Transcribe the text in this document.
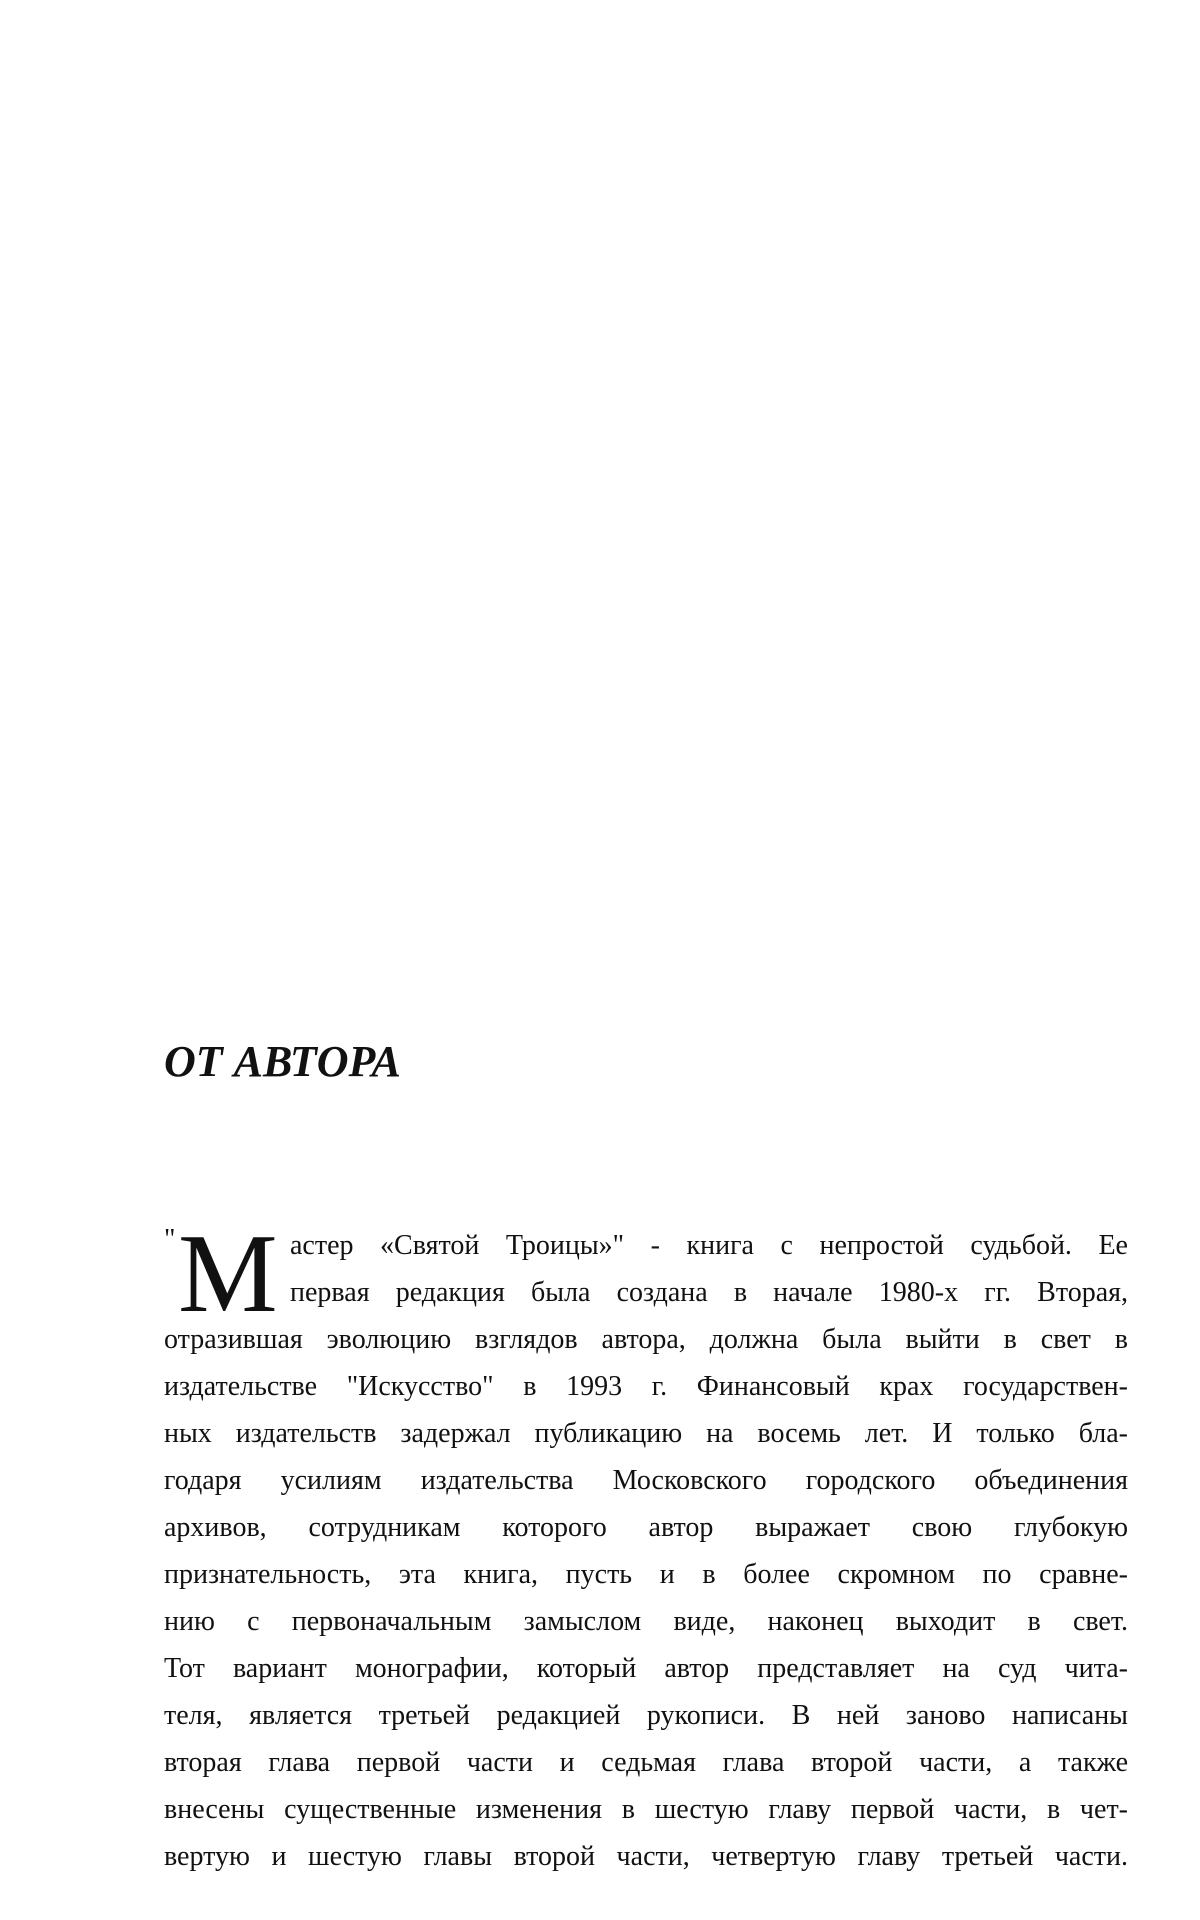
ОТ АВТОРА
" М астер «Святой Троицы»" - книга с непростой судьбой. Ее
первая редакция была создана в начале 1980-х гг. Вторая,
отразившая эволюцию взглядов автора, должна была выйти в свет в
издательстве "Искусство" в 1993 г. Финансовый крах государствен-
ных издательств задержал публикацию на восемь лет. И только бла-
годаря усилиям издательства Московского городского объединения
архивов, сотрудникам которого автор выражает свою глубокую
признательность, эта книга, пусть и в более скромном по сравне-
нию с первоначальным замыслом виде, наконец выходит в свет.
Тот вариант монографии, который автор представляет на суд чита-
теля, является третьей редакцией рукописи. В ней заново написаны
вторая глава первой части и седьмая глава второй части, а также
внесены существенные изменения в шестую главу первой части, в чет-
вертую и шестую главы второй части, четвертую главу третьей части.
